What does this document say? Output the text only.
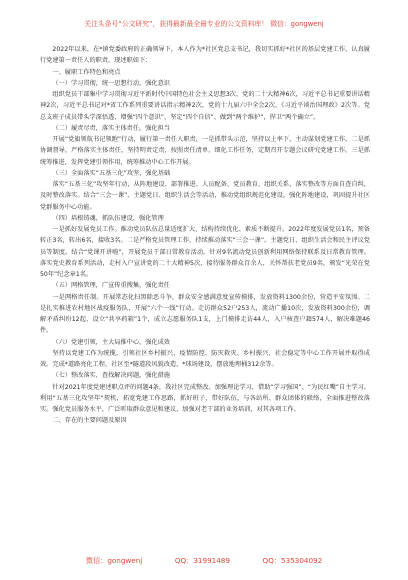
关注头条号“公文研究”，获得最新最全最专业的公文资料库！ 微信：gongwenj

2022年以来，在*镇党委政府的正确领导下，本人作为*社区党总支书记，我切实抓好*社区的基层党建工作，认真履行党建第一责任人的职责，现述职如下：

一、履职工作特色和亮点

（一）学习贯彻，统一思想行动，强化意识

组织党员干部集中学习贯彻习近平新时代中国特色社会主义思想3次、党的二十大精神6次，习近平总书记重要讲话精神2次，习近平总书记对*省工作系列重要讲话指示精神2次，党的十九届六中全会2次，《习近平谈治国理政》2次等。党总支班子成员带头学深悟透，增强“四个意识”、坚定“四个自信”、做到“两个维护”，捍卫“两个确立”。

（二）履责尽责，落实主体责任，强化担当

开展“党旗领航书记领跑”行动，履行第一责任人职责，一是抓带头示范，坚持以上率下，主动谋划党建工作。二是抓协调督导，严格落实主体责任，坚持明责定责，按照责任清单，细化工作任务，定期召开专题会议研究党建工作。三是抓统筹推进，发挥党建引领作用，统筹推动中心工作开展。

（三）全面落实“五基三化”攻坚，强化基础

落实“五基三化”攻坚年行动，从阵地建设、部署推进、人员配备、党员教育、组织关系、落实整改等方面自查自纠，及时整改落实。结合“三会一课”、主题党日、组织生活会等活动，推动党组织规范化建设。强化阵地建设，巩固提升社区党群服务中心功能。

（四）培根铸魂，抓队伍建设，强化管理

一是抓好发展党员工作。推动党员队伍总量适度扩大、结构持续优化、素质不断提升。2022年度发展党员1名，预备转正3名，转出6名，接收3名。二是严格党员管理工作，持续推动落实“三会一课”。主题党日、组织生活会和民主评议党员等制度。结合“党课开讲啦”，开展党员干部日常教育活动。针对9名流动党员创新利用网络保持联系及日常教育管理。落实党史教育系列活动，走村入户宣讲党的二十大精神5次，接待服务群众百余人，关怀帮扶老党员9名，颁发“光荣在党50年”纪念章1名。

（五）网格管理，广宣传重搜集，强化责任

一是网格责任制。开展常态化扫黑除恶斗争，群众安全感满意度宣传摸排，发放资料1300余份，营造平安氛围。二是扎实推进农村地区战疫服务队，开展“六个一线”行动。走访群众52户253人，流动广播10次，发放资料300余份，调解矛盾纠纷12起，设立“共享药箱”1个，成立志愿服务队1支，上门摸排走访44人，入户核查户籍574人，解决难题46件。

（六）党建引领，主大局推中心，强化成效

坚持以党建工作为统揽，引领社区乡村振兴、疫情防控、防灾救灾、乡村振兴、社会稳定等中心工作开展并取得成效。完成*道路亮化工程，社区至*隧道段风貌改造，*球场建设，摆放地埋桶312余等。

（七）整改落实，查找解决问题，强化措施

针对2021年度党建述职点评的问题4条，我社区完成整改。加强理论学习，借助“学习强国”、“为民红嘴”自主学习。利用“五基三化攻坚年”契机，拓宽党建工作思路，抓好班子，带好队伍，与各站所、群众团体的联络，全面推进整改落实。强化党员服务水平，广泛听取群众意见和建议，加强对老干部的业务培训，对其各项工作。

二、存在的主要问题及原因

微信：gongwenj	QQ：31991489	QQ：535304092
